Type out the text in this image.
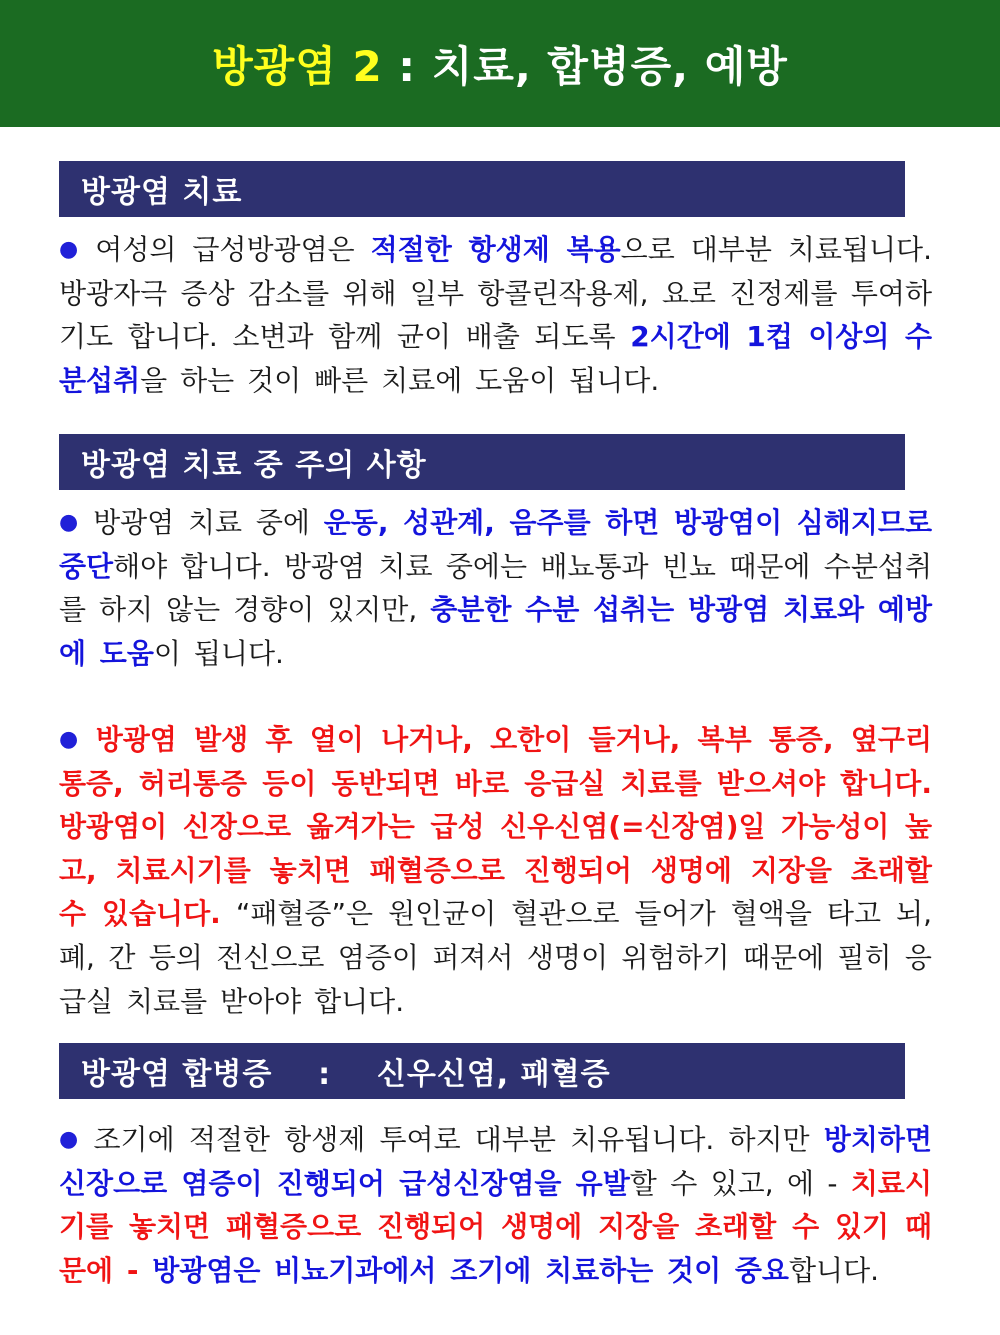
방광염 2 : 치료, 합병증, 예방
방광염 치료
● 여성의 급성방광염은 적절한 항생제 복용으로 대부분 치료됩니다. 방광자극 증상 감소를 위해 일부 항콜린작용제, 요로 진정제를 투여하기도 합니다. 소변과 함께 균이 배출 되도록 2시간에 1컵 이상의 수분섭취을 하는 것이 빠른 치료에 도움이 됩니다.
방광염 치료 중 주의 사항
● 방광염 치료 중에 운동, 성관계, 음주를 하면 방광염이 심해지므로 중단해야 합니다. 방광염 치료 중에는 배뇨통과 빈뇨 때문에 수분섭취를 하지 않는 경향이 있지만, 충분한 수분 섭취는 방광염 치료와 예방에 도움이 됩니다.
● 방광염 발생 후 열이 나거나, 오한이 들거나, 복부 통증, 옆구리 통증, 허리통증 등이 동반되면 바로 응급실 치료를 받으셔야 합니다. 방광염이 신장으로 옮겨가는 급성 신우신염(=신장염)일 가능성이 높고, 치료시기를 놓치면 패혈증으로 진행되어 생명에 지장을 초래할 수 있습니다. “패혈증”은 원인균이 혈관으로 들어가 혈액을 타고 뇌, 폐, 간 등의 전신으로 염증이 퍼져서 생명이 위험하기 때문에 필히 응급실 치료를 받아야 합니다.
방광염 합병증    :    신우신염, 패혈증
● 조기에 적절한 항생제 투여로 대부분 치유됩니다. 하지만 방치하면 신장으로 염증이 진행되어 급성신장염을 유발할 수 있고, 에 - 치료시기를 놓치면 패혈증으로 진행되어 생명에 지장을 초래할 수 있기 때문에 - 방광염은 비뇨기과에서 조기에 치료하는 것이 중요합니다.
